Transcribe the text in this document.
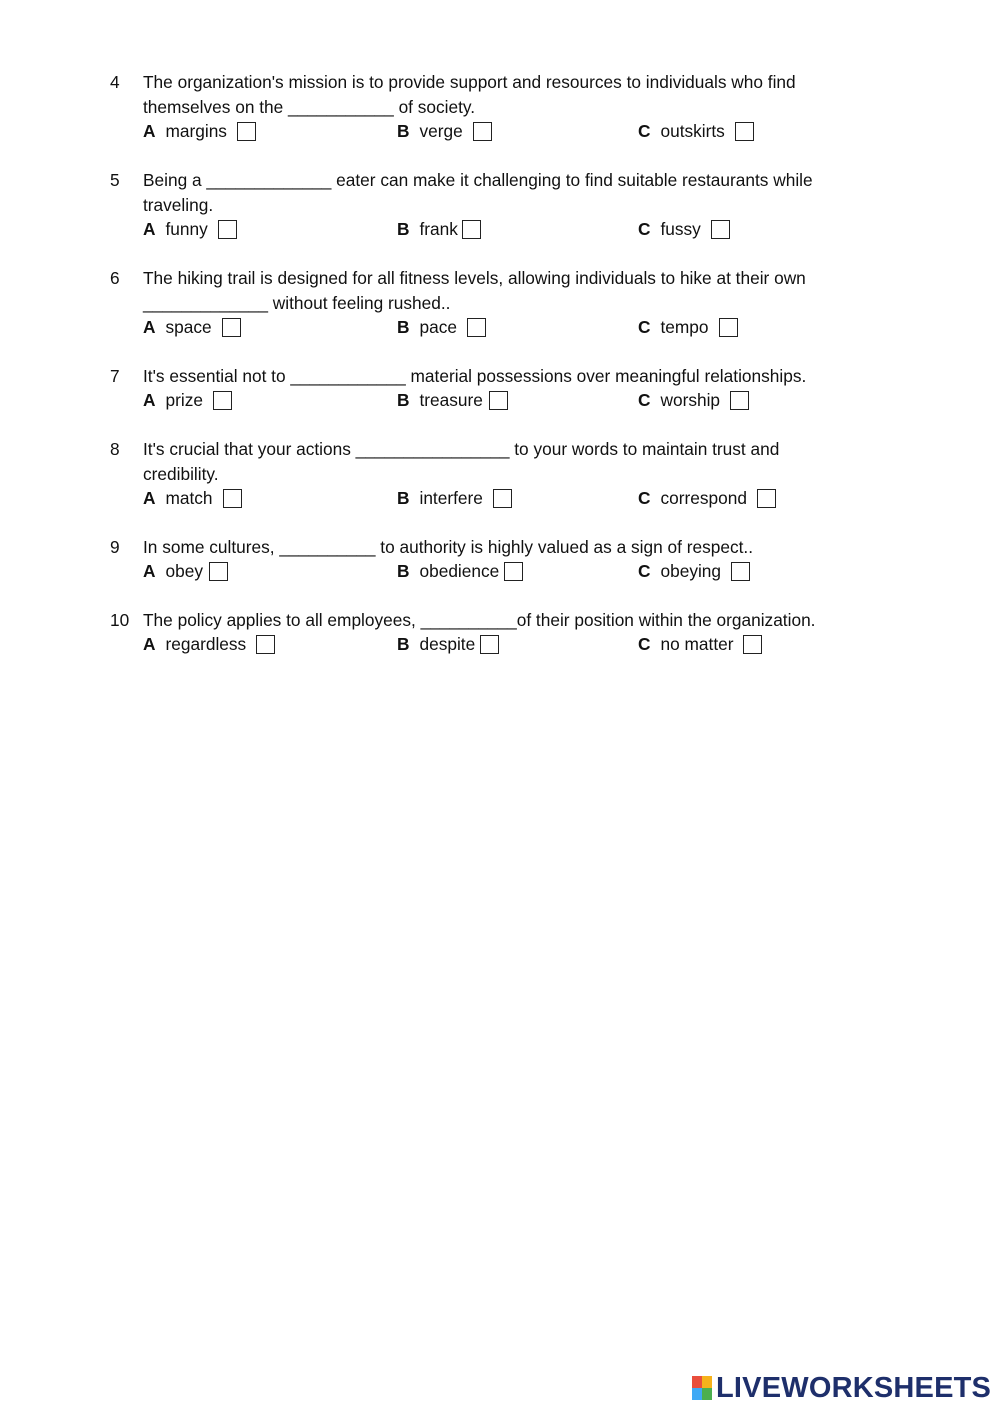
4 The organization's mission is to provide support and resources to individuals who find
themselves on the ___________ of society.
A margins	B verge	C outskirts
5 Being a _____________ eater can make it challenging to find suitable restaurants while
traveling.
A funny	B frank	C fussy
6 The hiking trail is designed for all fitness levels, allowing individuals to hike at their own
_____________ without feeling rushed..
A space	B pace	C tempo
7 It's essential not to ____________ material possessions over meaningful relationships.
A prize	B treasure	C worship
8 It's crucial that your actions ________________ to your words to maintain trust and
credibility.
A match	B interfere	C correspond
9 In some cultures, __________ to authority is highly valued as a sign of respect..
A obey	B obedience	C obeying
10 The policy applies to all employees, __________of their position within the organization.
A regardless	B despite	C no matter
LIVEWORKSHEETS
